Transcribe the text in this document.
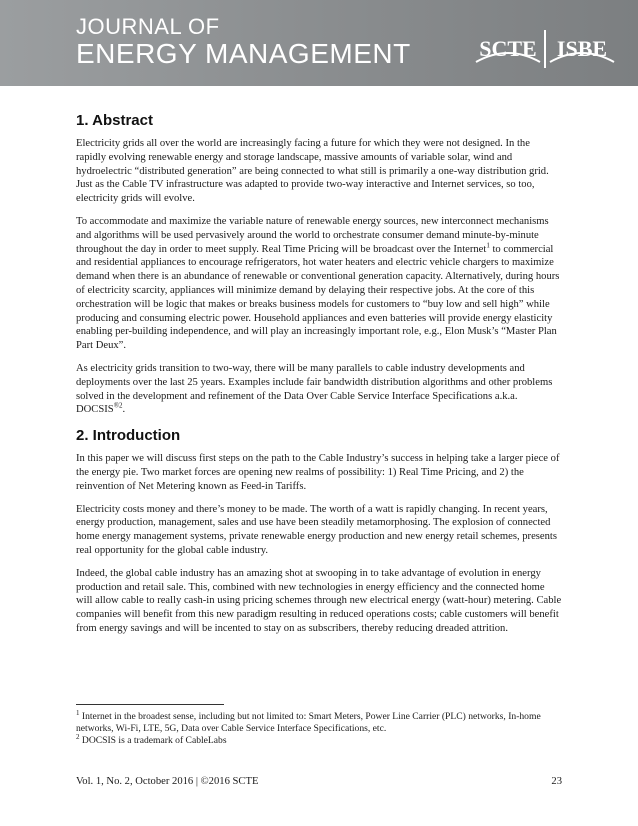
JOURNAL OF
ENERGY MANAGEMENT	SCTE ISBE
1. Abstract

Electricity grids all over the world are increasingly facing a future for which they were not designed. In the rapidly evolving renewable energy and storage landscape, massive amounts of variable solar, wind and hydroelectric “distributed generation” are being connected to what still is primarily a one-way distribution grid. Just as the Cable TV infrastructure was adapted to provide two-way interactive and Internet services, so too, electricity grids will evolve.

To accommodate and maximize the variable nature of renewable energy sources, new interconnect mechanisms and algorithms will be used pervasively around the world to orchestrate consumer demand minute-by-minute throughout the day in order to meet supply. Real Time Pricing will be broadcast over the Internet$^1$ to commercial and residential appliances to encourage refrigerators, hot water heaters and electric vehicle chargers to maximize demand when there is an abundance of renewable or conventional generation capacity. Alternatively, during hours of electricity scarcity, appliances will minimize demand by delaying their respective jobs. At the core of this orchestration will be logic that makes or breaks business models for customers to “buy low and sell high” while producing and consuming electric power. Household appliances and even batteries will provide energy elasticity enabling per-building independence, and will play an increasingly important role, e.g., Elon Musk’s “Master Plan Part Deux”.

As electricity grids transition to two-way, there will be many parallels to cable industry developments and deployments over the last 25 years. Examples include fair bandwidth distribution algorithms and other problems solved in the development and refinement of the Data Over Cable Service Interface Specifications a.k.a. $DOCSIS^{®2}$.

2. Introduction

In this paper we will discuss first steps on the path to the Cable Industry’s success in helping take a larger piece of the energy pie. Two market forces are opening new realms of possibility: 1) Real Time Pricing, and 2) the reinvention of Net Metering known as Feed-in Tariffs.

Electricity costs money and there’s money to be made. The worth of a watt is rapidly changing. In recent years, energy production, management, sales and use have been steadily metamorphosing. The explosion of connected home energy management systems, private renewable energy production and new energy retail schemes, presents real opportunity for the global cable industry.

Indeed, the global cable industry has an amazing shot at swooping in to take advantage of evolution in energy production and retail sale. This, combined with new technologies in energy efficiency and the connected home will allow cable to really cash-in using pricing schemes through new electrical energy (watt-hour) metering. Cable companies will benefit from this new paradigm resulting in reduced operations costs; cable customers will benefit from energy savings and will be incented to stay on as subscribers, thereby reducing dreaded attrition.

$^1$ Internet in the broadest sense, including but not limited to: Smart Meters, Power Line Carrier (PLC) networks, In-home networks, Wi-Fi, LTE, 5G, Data over Cable Service Interface Specifications, etc.

$^2$ DOCSIS is a trademark of CableLabs

Vol. 1, No. 2, October 2016 | ©2016 SCTE	23
